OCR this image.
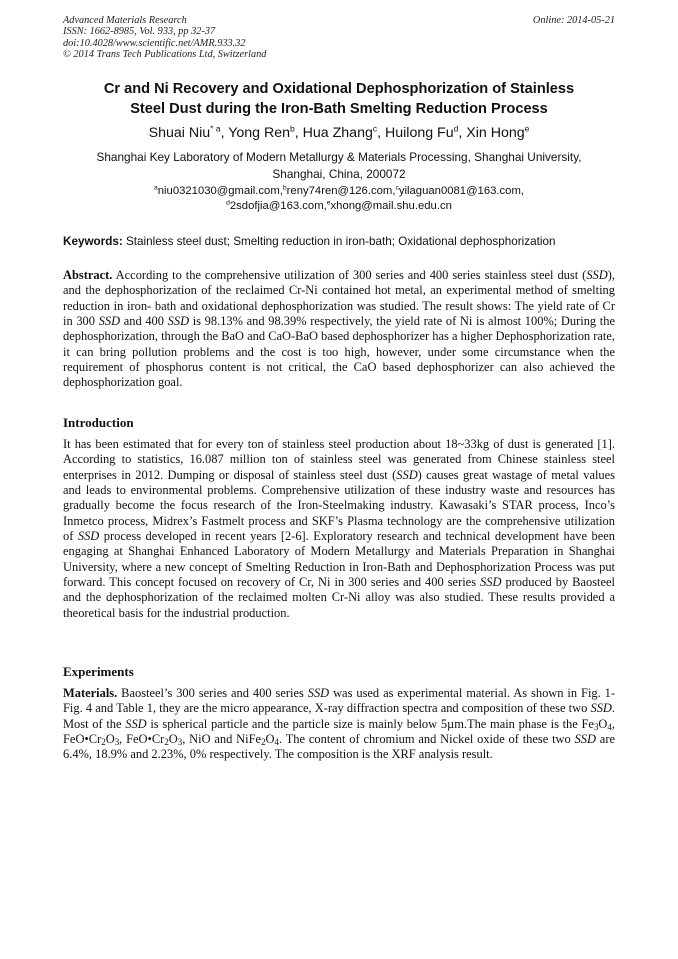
Advanced Materials Research
ISSN: 1662-8985, Vol. 933, pp 32-37
doi:10.4028/www.scientific.net/AMR.933.32
© 2014 Trans Tech Publications Ltd, Switzerland
Online: 2014-05-21
Cr and Ni Recovery and Oxidational Dephosphorization of Stainless
Steel Dust during the Iron-Bath Smelting Reduction Process
Shuai Niu$^{* a}$, Yong Ren$^b$, Hua Zhang$^c$, Huilong Fu$^d$, Xin Hong$^e$
Shanghai Key Laboratory of Modern Metallurgy & Materials Processing, Shanghai University,
Shanghai, China, 200072
$^a$niu0321030@gmail.com,$^b$reny74ren@126.com,$^c$yilaguan0081@163.com,
$^d$2sdofjia@163.com,$^e$xhong@mail.shu.edu.cn
Keywords: Stainless steel dust; Smelting reduction in iron-bath; Oxidational dephosphorization
Abstract. According to the comprehensive utilization of 300 series and 400 series stainless steel dust (SSD), and the dephosphorization of the reclaimed Cr-Ni contained hot metal, an experimental method of smelting reduction in iron- bath and oxidational dephosphorization was studied. The result shows: The yield rate of Cr in 300 SSD and 400 SSD is 98.13% and 98.39% respectively, the yield rate of Ni is almost 100%; During the dephosphorization, through the BaO and CaO-BaO based dephosphorizer has a higher Dephosphorization rate, it can bring pollution problems and the cost is too high, however, under some circumstance when the requirement of phosphorus content is not critical, the CaO based dephosphorizer can also achieved the dephosphorization goal.
Introduction
It has been estimated that for every ton of stainless steel production about 18~33kg of dust is generated [1]. According to statistics, 16.087 million ton of stainless steel was generated from Chinese stainless steel enterprises in 2012. Dumping or disposal of stainless steel dust (SSD) causes great wastage of metal values and leads to environmental problems. Comprehensive utilization of these industry waste and resources has gradually become the focus research of the Iron-Steelmaking industry. Kawasaki’s STAR process, Inco’s Inmetco process, Midrex’s Fastmelt process and SKF’s Plasma technology are the comprehensive utilization of SSD process developed in recent years [2-6]. Exploratory research and technical development have been engaging at Shanghai Enhanced Laboratory of Modern Metallurgy and Materials Preparation in Shanghai University, where a new concept of Smelting Reduction in Iron-Bath and Dephosphorization Process was put forward. This concept focused on recovery of Cr, Ni in 300 series and 400 series SSD produced by Baosteel and the dephosphorization of the reclaimed molten Cr-Ni alloy was also studied. These results provided a theoretical basis for the industrial production.
Experiments
Materials. Baosteel’s 300 series and 400 series SSD was used as experimental material. As shown in Fig. 1- Fig. 4 and Table 1, they are the micro appearance, X-ray diffraction spectra and composition of these two SSD. Most of the SSD is spherical particle and the particle size is mainly below 5µm.The main phase is the $Fe_3O_4$, $FeO•Cr_2O_3$, $FeO•Cr_2O_3$, NiO and $NiFe_2O_4$. The content of chromium and Nickel oxide of these two SSD are 6.4%, 18.9% and 2.23%, 0% respectively. The composition is the XRF analysis result.
